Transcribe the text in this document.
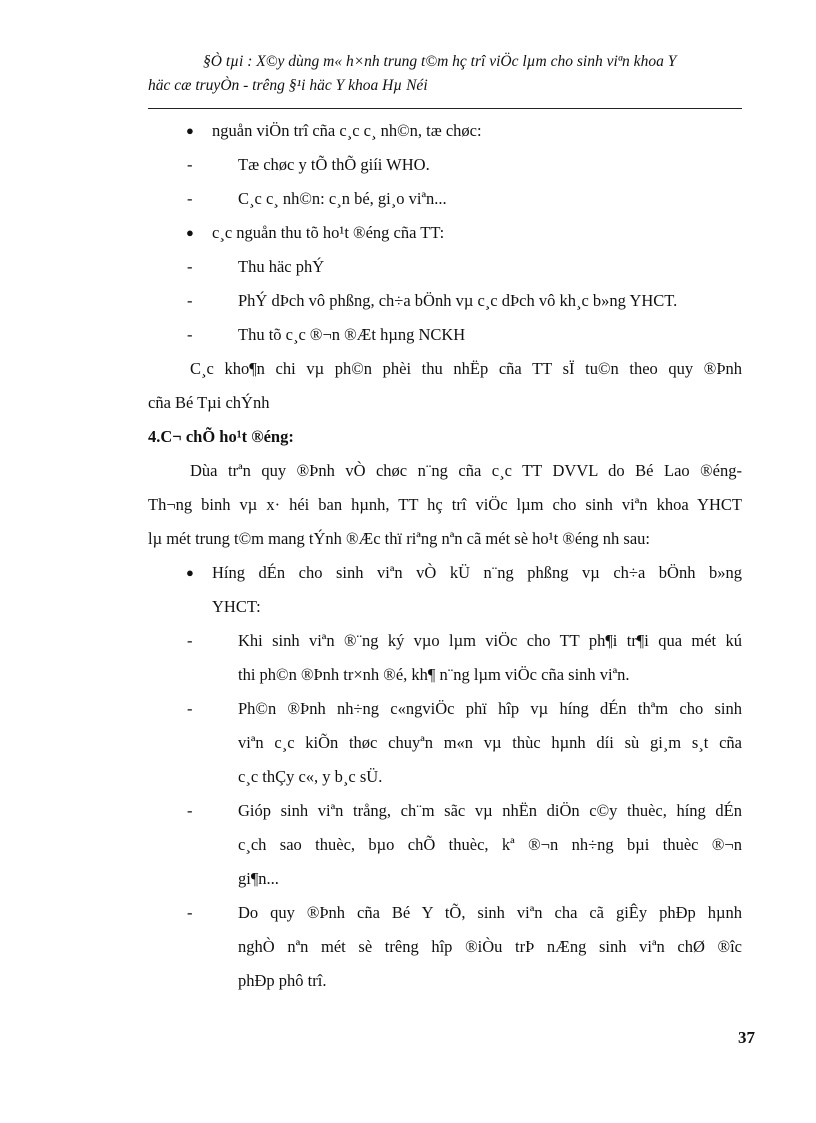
§Ò tµi : X©y dùng m« h×nh trung t©m hç trî viÖc lµm cho sinh viªn khoa Y
häc cæ truyÒn - trêng §¹i häc Y khoa Hµ Néi
● nguån viÖn trî cña c¸c c¸ nh©n, tæ chøc:
-	Tæ chøc y tÕ thÕ giíi WHO.
-	C¸c c¸ nh©n: c¸n bé, gi¸o viªn...
● c¸c nguån thu tõ ho¹t ®éng cña TT:
-	Thu häc phÝ
-	PhÝ dÞch vô phßng, ch÷a bÖnh vµ c¸c dÞch vô kh¸c b»ng YHCT.
-	Thu tõ c¸c ®¬n ®Æt hµng NCKH
C¸c kho¶n chi vµ ph©n phèi thu nhËp cña TT sÏ tu©n theo quy ®Þnh
cña Bé Tµi chÝnh
4.C¬ chÕ ho¹t ®éng:
Dùa trªn quy ®Þnh vÒ chøc n¨ng cña c¸c TT DVVL do Bé Lao ®éng-
Th¬ng binh vµ x· héi ban hµnh, TT hç trî viÖc lµm cho sinh viªn khoa YHCT
lµ mét trung t©m mang tÝnh ®Æc thï riªng nªn cã mét sè ho¹t ®éng nh sau:
● Híng dÉn cho sinh viªn vÒ kÜ n¨ng phßng vµ ch÷a bÖnh b»ng
YHCT:
-	Khi sinh viªn ®¨ng ký vµo lµm viÖc cho TT ph¶i tr¶i qua mét kú
thi ph©n ®Þnh tr×nh ®é, kh¶ n¨ng lµm viÖc cña sinh viªn.
-	Ph©n ®Þnh nh÷ng c«ngviÖc phï hîp vµ híng dÉn thªm cho sinh
viªn c¸c kiÕn thøc chuyªn m«n vµ thùc hµnh díi sù gi¸m s¸t cña
c¸c thÇy c«, y b¸c sÜ.
-	Gióp sinh viªn trång, ch¨m sãc vµ nhËn diÖn c©y thuèc, híng dÉn
c¸ch sao thuèc, bµo chÕ thuèc, kª ®¬n nh÷ng bµi thuèc ®¬n
gi¶n...
-	Do quy ®Þnh cña Bé Y tÕ, sinh viªn cha cã giÊy phÐp hµnh
nghÒ nªn mét sè trêng hîp ®iÒu trÞ nÆng sinh viªn chØ ®îc
phÐp phô trî.
37
